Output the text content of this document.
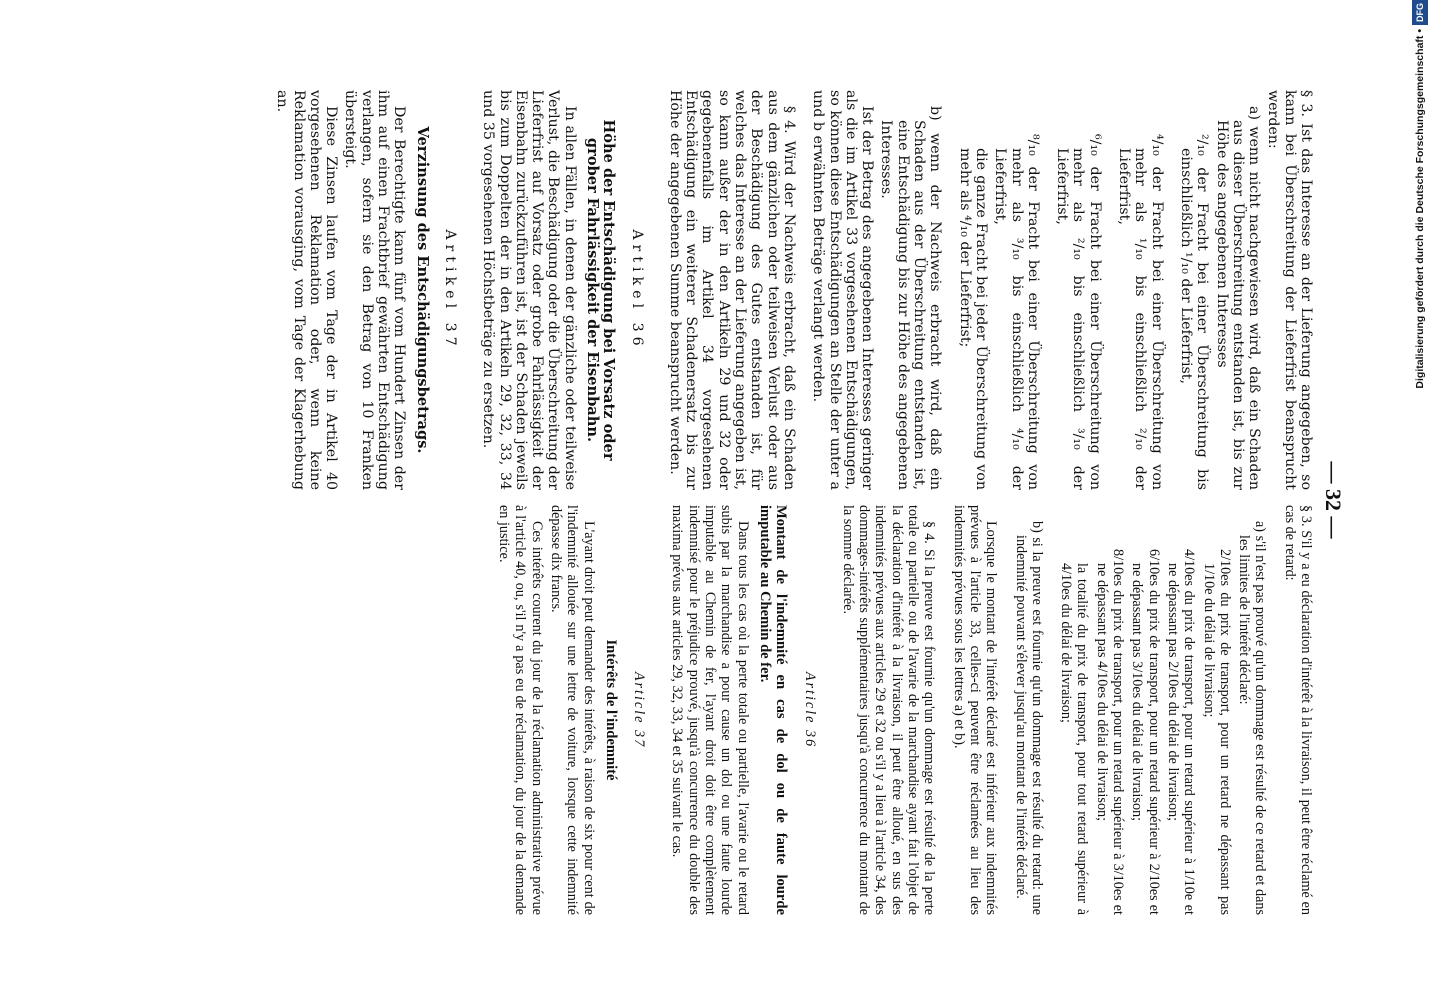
— 32 —

§ 3. Ist das Interesse an der Lieferung angegeben, so kann bei Überschreitung der Lieferfrist beansprucht werden:

a) wenn nicht nachgewiesen wird, daß ein Schaden aus dieser Überschreitung entstanden ist, bis zur Höhe des angegebenen Interesses

²/₁₀ der Fracht bei einer Überschreitung bis einschließlich ¹/₁₀ der Lieferfrist,

⁴/₁₀ der Fracht bei einer Überschreitung von mehr als ¹/₁₀ bis einschließlich ²/₁₀ der Lieferfrist,

⁶/₁₀ der Fracht bei einer Überschreitung von mehr als ²/₁₀ bis einschließlich ³/₁₀ der Lieferfrist,

⁸/₁₀ der Fracht bei einer Überschreitung von mehr als ³/₁₀ bis einschließlich ⁴/₁₀ der Lieferfrist,

die ganze Fracht bei jeder Überschreitung von mehr als ⁴/₁₀ der Lieferfrist;

b) wenn der Nachweis erbracht wird, daß ein Schaden aus der Überschreitung entstanden ist, eine Entschädigung bis zur Höhe des angegebenen Interesses.

Ist der Betrag des angegebenen Interesses geringer als die im Artikel 33 vorgesehenen Entschädigungen, so können diese Entschädigungen an Stelle der unter a und b erwähnten Beträge verlangt werden.

§ 4. Wird der Nachweis erbracht, daß ein Schaden aus dem gänzlichen oder teilweisen Verlust oder aus der Beschädigung des Gutes entstanden ist, für welches das Interesse an der Lieferung angegeben ist, so kann außer der in den Artikeln 29 und 32 oder gegebenenfalls im Artikel 34 vorgesehenen Entschädigung ein weiterer Schadenersatz bis zur Höhe der angegebenen Summe beansprucht werden.

Artikel 36

Höhe der Entschädigung bei Vorsatz oder grober Fahrlässigkeit der Eisenbahn.

In allen Fällen, in denen der gänzliche oder teilweise Verlust, die Beschädigung oder die Überschreitung der Lieferfrist auf Vorsatz oder grobe Fahrlässigkeit der Eisenbahn zurückzuführen ist, ist der Schaden jeweils bis zum Doppelten der in den Artikeln 29, 32, 33, 34 und 35 vorgesehenen Höchstbeträge zu ersetzen.

Artikel 37

Verzinsung des Entschädigungsbetrags.

Der Berechtigte kann fünf vom Hundert Zinsen der ihm auf einen Frachtbrief gewährten Entschädigung verlangen, sofern sie den Betrag von 10 Franken übersteigt.

Diese Zinsen laufen vom Tage der in Artikel 40 vorgesehenen Reklamation oder, wenn keine Reklamation vorausging, vom Tage der Klagerhebung an.

§ 3. S'il y a eu déclaration d'intérêt à la livraison, il peut être réclamé en cas de retard:

a) s'il n'est pas prouvé qu'un dommage est résulté de ce retard et dans les limites de l'intérêt déclaré:

2/10es du prix de transport, pour un retard ne dépassant pas 1/10e du délai de livraison;

4/10es du prix de transport, pour un retard supérieur à 1/10e et ne dépassant pas 2/10es du délai de livraison;

6/10es du prix de transport, pour un retard supérieur à 2/10es et ne dépassant pas 3/10es du délai de livraison;

8/10es du prix de transport, pour un retard supérieur à 3/10es et ne dépassant pas 4/10es du délai de livraison;

la totalité du prix de transport, pour tout retard supérieur à 4/10es du délai de livraison;

b) si la preuve est fournie qu'un dommage est résulté du retard: une indemnité pouvant s'élever jusqu'au montant de l'intérêt déclaré.

Lorsque le montant de l'intérêt déclaré est inférieur aux indemnités prévues à l'article 33, celles-ci peuvent être réclamées au lieu des indemnités prévues sous les lettres a) et b).

§ 4. Si la preuve est fournie qu'un dommage est résulté de la perte totale ou partielle ou de l'avarie de la marchandise ayant fait l'objet de la déclaration d'intérêt à la livraison, il peut être alloué, en sus des indemnités prévues aux articles 29 et 32 ou s'il y a lieu à l'article 34, des dommages-intérêts supplémentaires jusqu'à concurrence du montant de la somme déclarée.

Article 36

Montant de l'indemnité en cas de dol ou de faute lourde imputable au Chemin de fer.

Dans tous les cas où la perte totale ou partielle, l'avarie ou le retard subis par la marchandise a pour cause un dol ou une faute lourde imputable au Chemin de fer, l'ayant droit doit être complètement indemnisé pour le préjudice prouvé, jusqu'à concurrence du double des maxima prévus aux articles 29, 32, 33, 34 et 35 suivant le cas.

Article 37

Intérêts de l'indemnité

L'ayant droit peut demander des intérêts, à raison de six pour cent de l'indemnité allouée sur une lettre de voiture, lorsque cette indemnité dépasse dix francs.

Ces intérêts courent du jour de la réclamation administrative prévue à l'article 40, ou, s'il n'y a pas eu de réclamation, du jour de la demande en justice.

Digitalisierung gefördert durch die Deutsche Forschungsgemeinschaft •DFG
